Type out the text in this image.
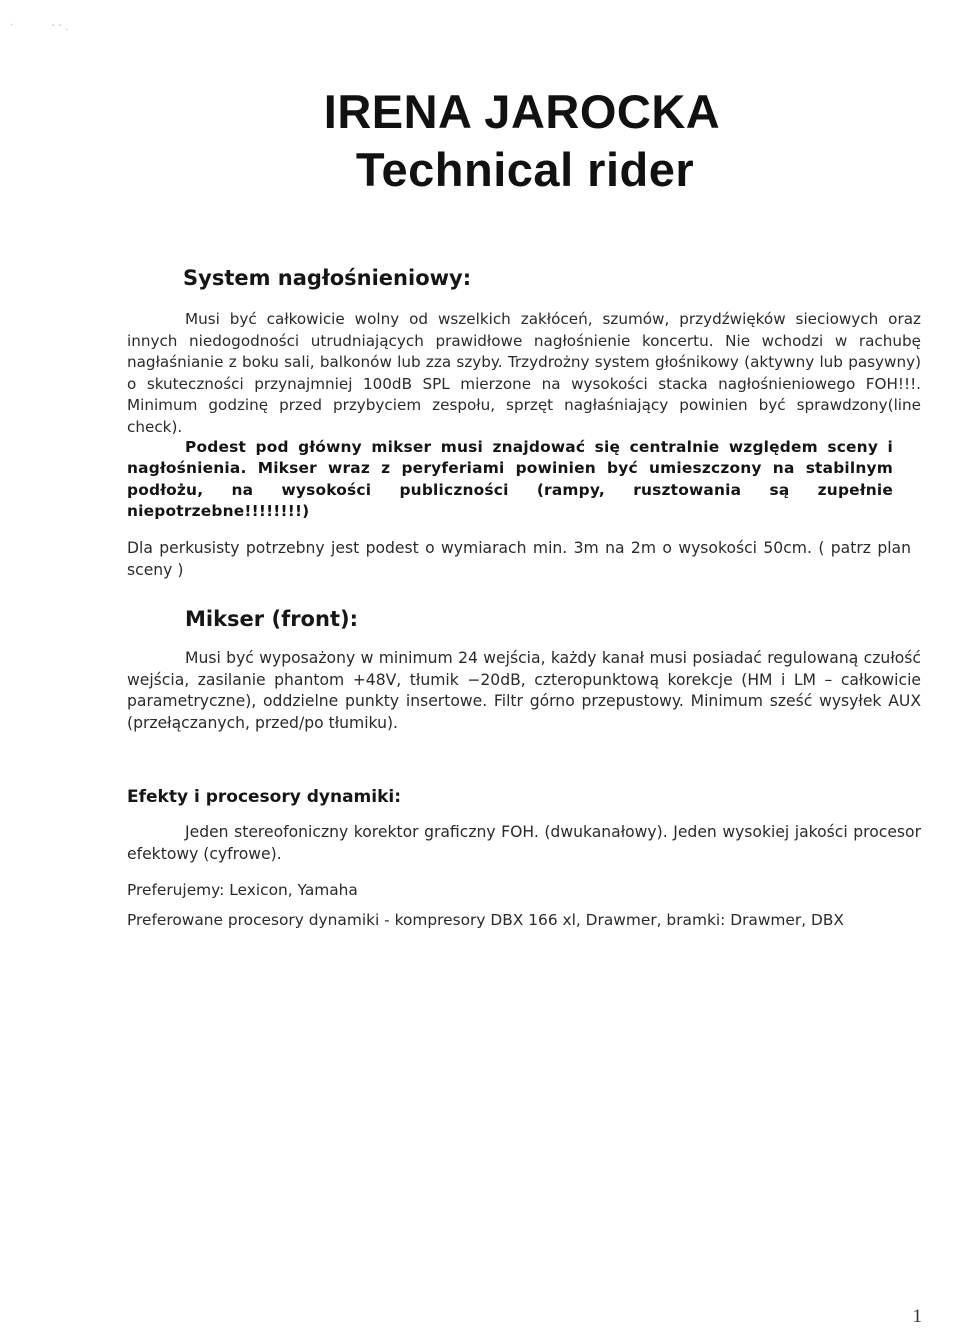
·            ‐ ‐ ˎ
IRENA JAROCKA
Technical rider
System nagłośnieniowy:

Musi być całkowicie wolny od wszelkich zakłóceń, szumów, przydźwięków sieciowych oraz innych niedogodności utrudniających prawidłowe nagłośnienie koncertu. Nie wchodzi w rachubę nagłaśnianie z boku sali, balkonów lub zza szyby. Trzydrożny system głośnikowy (aktywny lub pasywny) o skuteczności przynajmniej 100dB SPL mierzone na wysokości stacka nagłośnieniowego FOH!!!. Minimum godzinę przed przybyciem zespołu, sprzęt nagłaśniający powinien być sprawdzony(line check).

Podest pod główny mikser musi znajdować się centralnie względem sceny i nagłośnienia. Mikser wraz z peryferiami powinien być umieszczony na stabilnym podłożu, na wysokości publiczności (rampy, rusztowania są zupełnie niepotrzebne!!!!!!!!)

Dla perkusisty potrzebny jest podest o wymiarach min. 3m na 2m o wysokości 50cm. ( patrz plan sceny )

Mikser (front):

Musi być wyposażony w minimum 24 wejścia, każdy kanał musi posiadać regulowaną czułość wejścia, zasilanie phantom +48V, tłumik −20dB, czteropunktową korekcje (HM i LM – całkowicie parametryczne), oddzielne punkty insertowe. Filtr górno przepustowy. Minimum sześć wysyłek AUX (przełączanych, przed/po tłumiku).

Efekty i procesory dynamiki:

Jeden stereofoniczny korektor graficzny FOH. (dwukanałowy). Jeden wysokiej jakości procesor efektowy (cyfrowe).

Preferujemy: Lexicon, Yamaha

Preferowane procesory dynamiki - kompresory DBX 166 xl, Drawmer, bramki: Drawmer, DBX

1
